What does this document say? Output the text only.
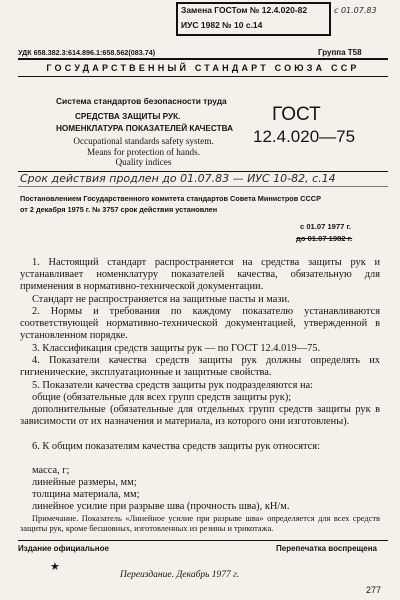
Замена ГОСТом № 12.4.020-82
ИУС 1982 № 10 с.14
с 01.07.83
УДК 658.382.3:614.896.1:658.562(083.74)	Группа Т58
ГОСУДАРСТВЕННЫЙ СТАНДАРТ СОЮЗА ССР
Система стандартов безопасности труда
СРЕДСТВА ЗАЩИТЫ РУК.
НОМЕНКЛАТУРА ПОКАЗАТЕЛЕЙ КАЧЕСТВА
Occupational standards safety system.
Means for protection of hands.
Quality indices
ГОСТ
12.4.020—75
Срок действия продлен до 01.07.83 — ИУС 10-82, с.14
Постановлением Государственного комитета стандартов Совета Министров СССР
от 2 декабря 1975 г. № 3757 срок действия установлен
с 01.07 1977 г.
до 01.07 1982 г.
1. Настоящий стандарт распространяется на средства защиты рук и устанавливает номенклатуру показателей качества, обязательную для применения в нормативно-технической документации.
Стандарт не распространяется на защитные пасты и мази.
2. Нормы и требования по каждому показателю устанавливаются соответствующей нормативно-технической документацией, утвержденной в установленном порядке.
3. Классификация средств защиты рук — по ГОСТ 12.4.019—75.
4. Показатели качества средств защиты рук должны определять их гигиенические, эксплуатационные и защитные свойства.
5. Показатели качества средств защиты рук подразделяются на:
общие (обязательные для всех групп средств защиты рук);
дополнительные (обязательные для отдельных групп средств защиты рук в зависимости от их назначения и материала, из которого они изготовлены).
6. К общим показателям качества средств защиты рук относятся:
масса, г;
линейные размеры, мм;
толщина материала, мм;
линейное усилие при разрыве шва (прочность шва), кН/м.
Примечание. Показатель «Линейное усилие при разрыве шва» определяется для всех средств защиты рук, кроме бесшовных, изготовленных из резины и трикотажа.
Издание официальное	Перепечатка воспрещена
★
Переиздание. Декабрь 1977 г.
277
